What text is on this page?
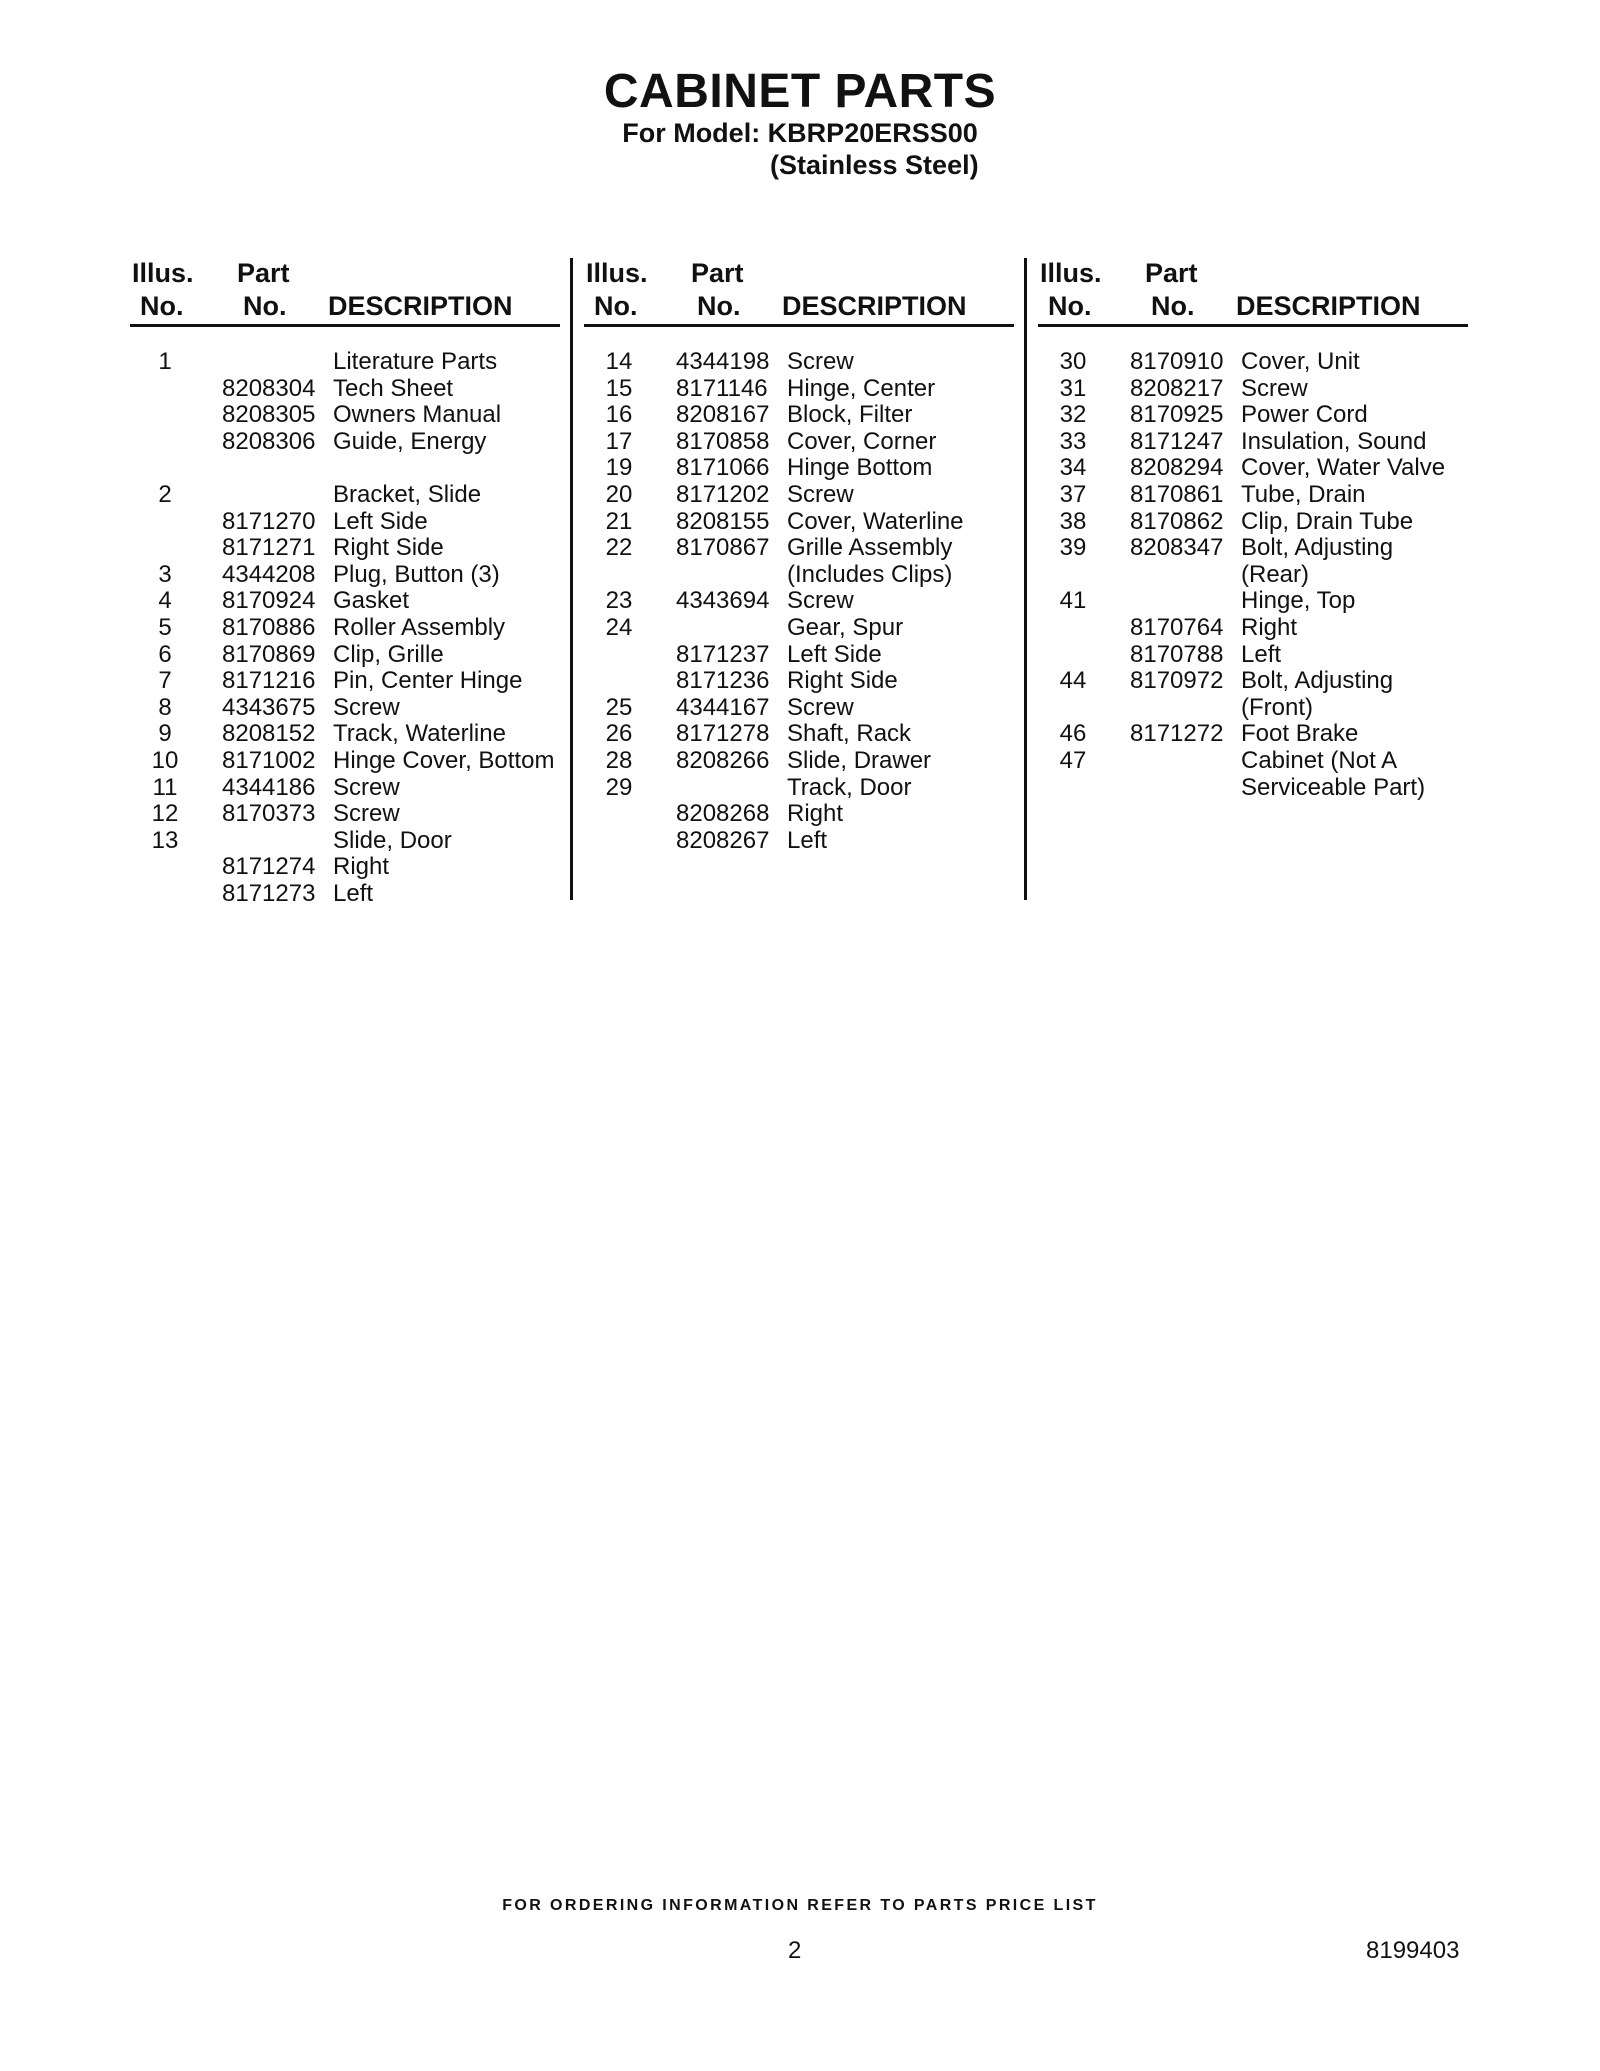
CABINET PARTS
For Model: KBRP20ERSS00
(Stainless Steel)
Illus.
No.
Part
No. DESCRIPTION
1	Literature Parts
8208304 Tech Sheet
8208305 Owners Manual
8208306 Guide, Energy
2	Bracket, Slide
8171270 Left Side
8171271 Right Side
3	4344208 Plug, Button (3)
4	8170924 Gasket
5	8170886 Roller Assembly
6	8170869 Clip, Grille
7	8171216 Pin, Center Hinge
8	4343675 Screw
9	8208152 Track, Waterline
10	8171002 Hinge Cover, Bottom
11	4344186 Screw
12	8170373 Screw
13	Slide, Door
8171274 Right
8171273 Left
Illus.
No.
Part
No. DESCRIPTION
14	4344198 Screw
15	8171146 Hinge, Center
16	8208167 Block, Filter
17	8170858 Cover, Corner
19	8171066 Hinge Bottom
20	8171202 Screw
21	8208155 Cover, Waterline
22	8170867 Grille Assembly
(Includes Clips)
23	4343694 Screw
24	Gear, Spur
8171237 Left Side
8171236 Right Side
25	4344167 Screw
26	8171278 Shaft, Rack
28	8208266 Slide, Drawer
29	Track, Door
8208268 Right
8208267 Left
Illus.
No.
Part
No. DESCRIPTION
30	8170910 Cover, Unit
31	8208217 Screw
32	8170925 Power Cord
33	8171247 Insulation, Sound
34	8208294 Cover, Water Valve
37	8170861 Tube, Drain
38	8170862 Clip, Drain Tube
39	8208347 Bolt, Adjusting
(Rear)
41	Hinge, Top
8170764 Right
8170788 Left
44	8170972 Bolt, Adjusting
(Front)
46	8171272 Foot Brake
47	Cabinet (Not A
Serviceable Part)
FOR ORDERING INFORMATION REFER TO PARTS PRICE LIST
2	8199403
